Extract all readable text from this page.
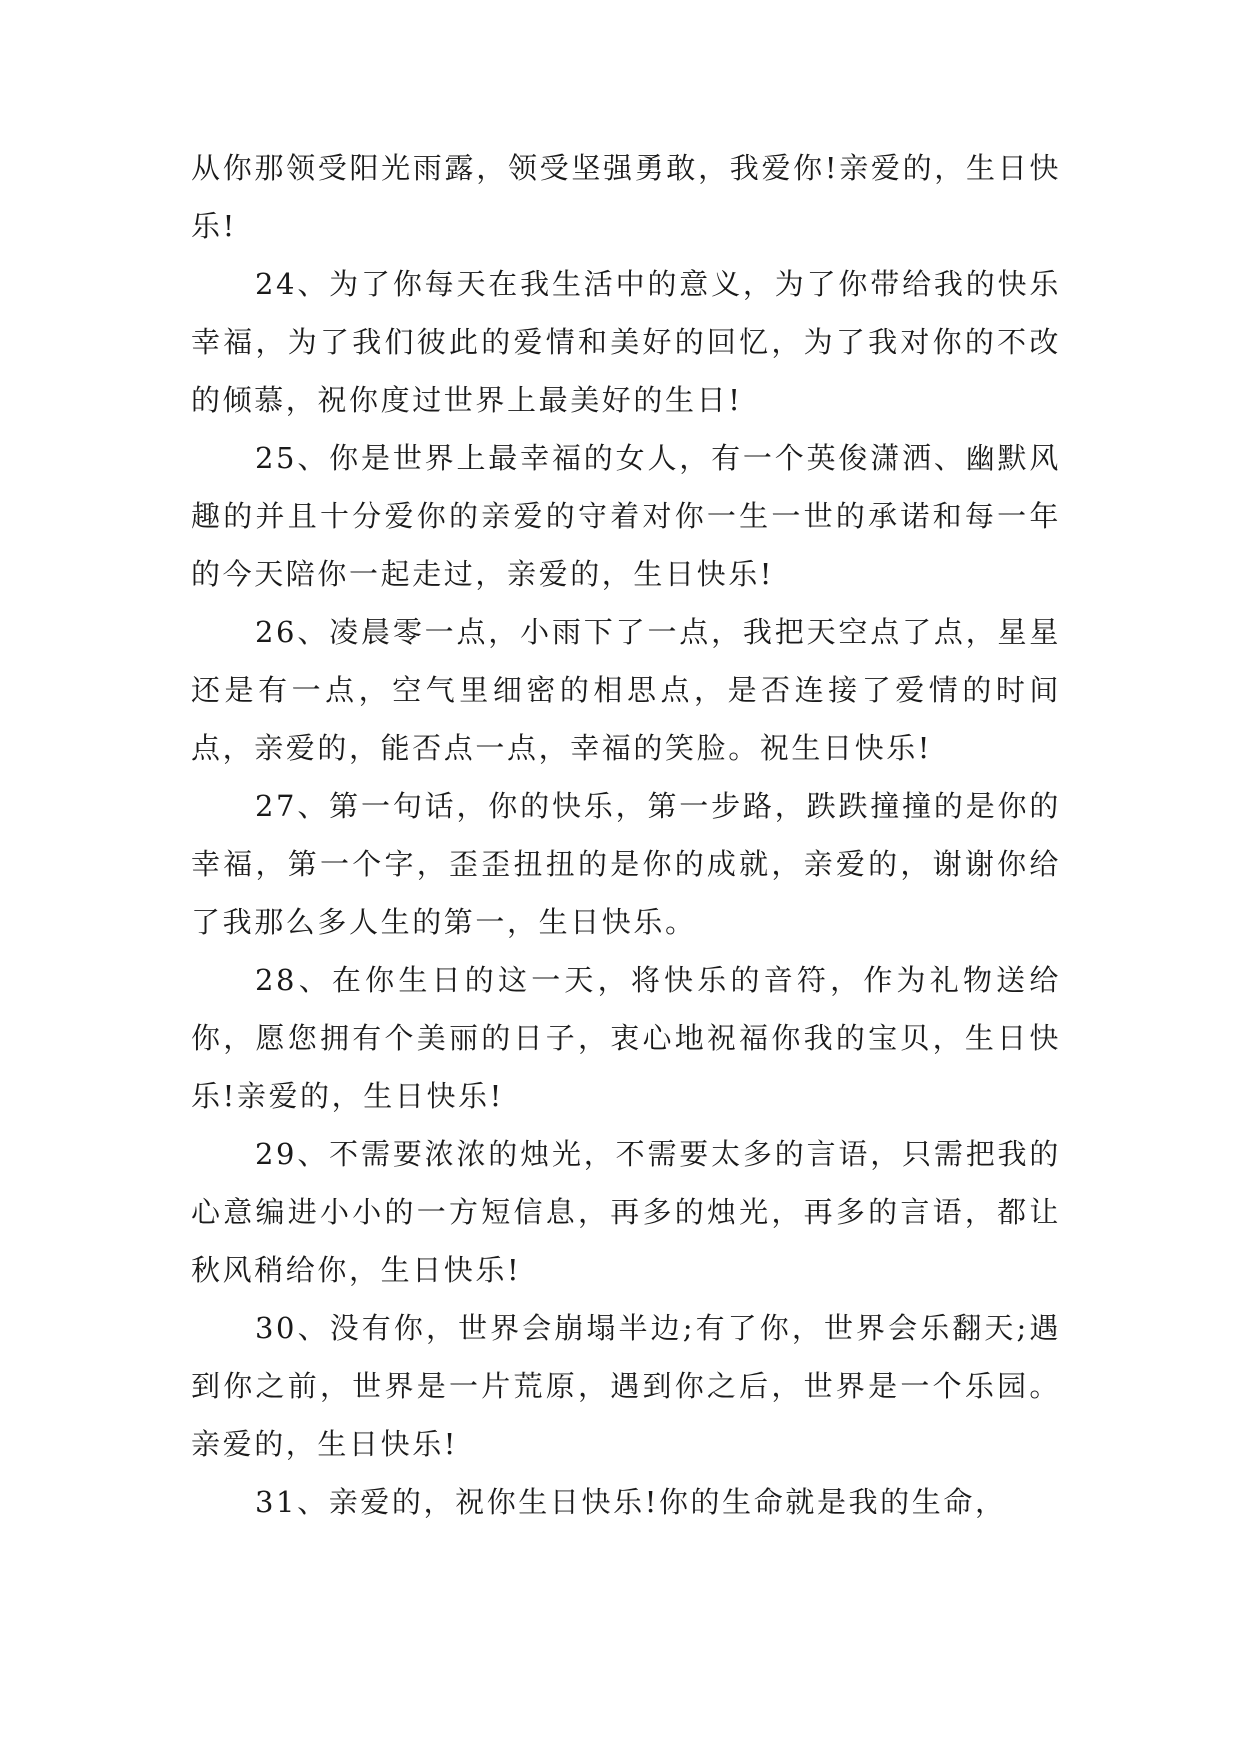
从你那领受阳光雨露，领受坚强勇敢，我爱你!亲爱的，生日快乐!

24、为了你每天在我生活中的意义，为了你带给我的快乐幸福，为了我们彼此的爱情和美好的回忆，为了我对你的不改的倾慕，祝你度过世界上最美好的生日!

25、你是世界上最幸福的女人，有一个英俊潇洒、幽默风趣的并且十分爱你的亲爱的守着对你一生一世的承诺和每一年的今天陪你一起走过，亲爱的，生日快乐!

26、凌晨零一点，小雨下了一点，我把天空点了点，星星还是有一点，空气里细密的相思点，是否连接了爱情的时间点，亲爱的，能否点一点，幸福的笑脸。祝生日快乐!

27、第一句话，你的快乐，第一步路，跌跌撞撞的是你的幸福，第一个字，歪歪扭扭的是你的成就，亲爱的，谢谢你给了我那么多人生的第一，生日快乐。

28、在你生日的这一天，将快乐的音符，作为礼物送给你，愿您拥有个美丽的日子，衷心地祝福你我的宝贝，生日快乐!亲爱的，生日快乐!

29、不需要浓浓的烛光，不需要太多的言语，只需把我的心意编进小小的一方短信息，再多的烛光，再多的言语，都让秋风稍给你，生日快乐!

30、没有你，世界会崩塌半边;有了你，世界会乐翻天;遇到你之前，世界是一片荒原，遇到你之后，世界是一个乐园。亲爱的，生日快乐!

31、亲爱的，祝你生日快乐!你的生命就是我的生命，
